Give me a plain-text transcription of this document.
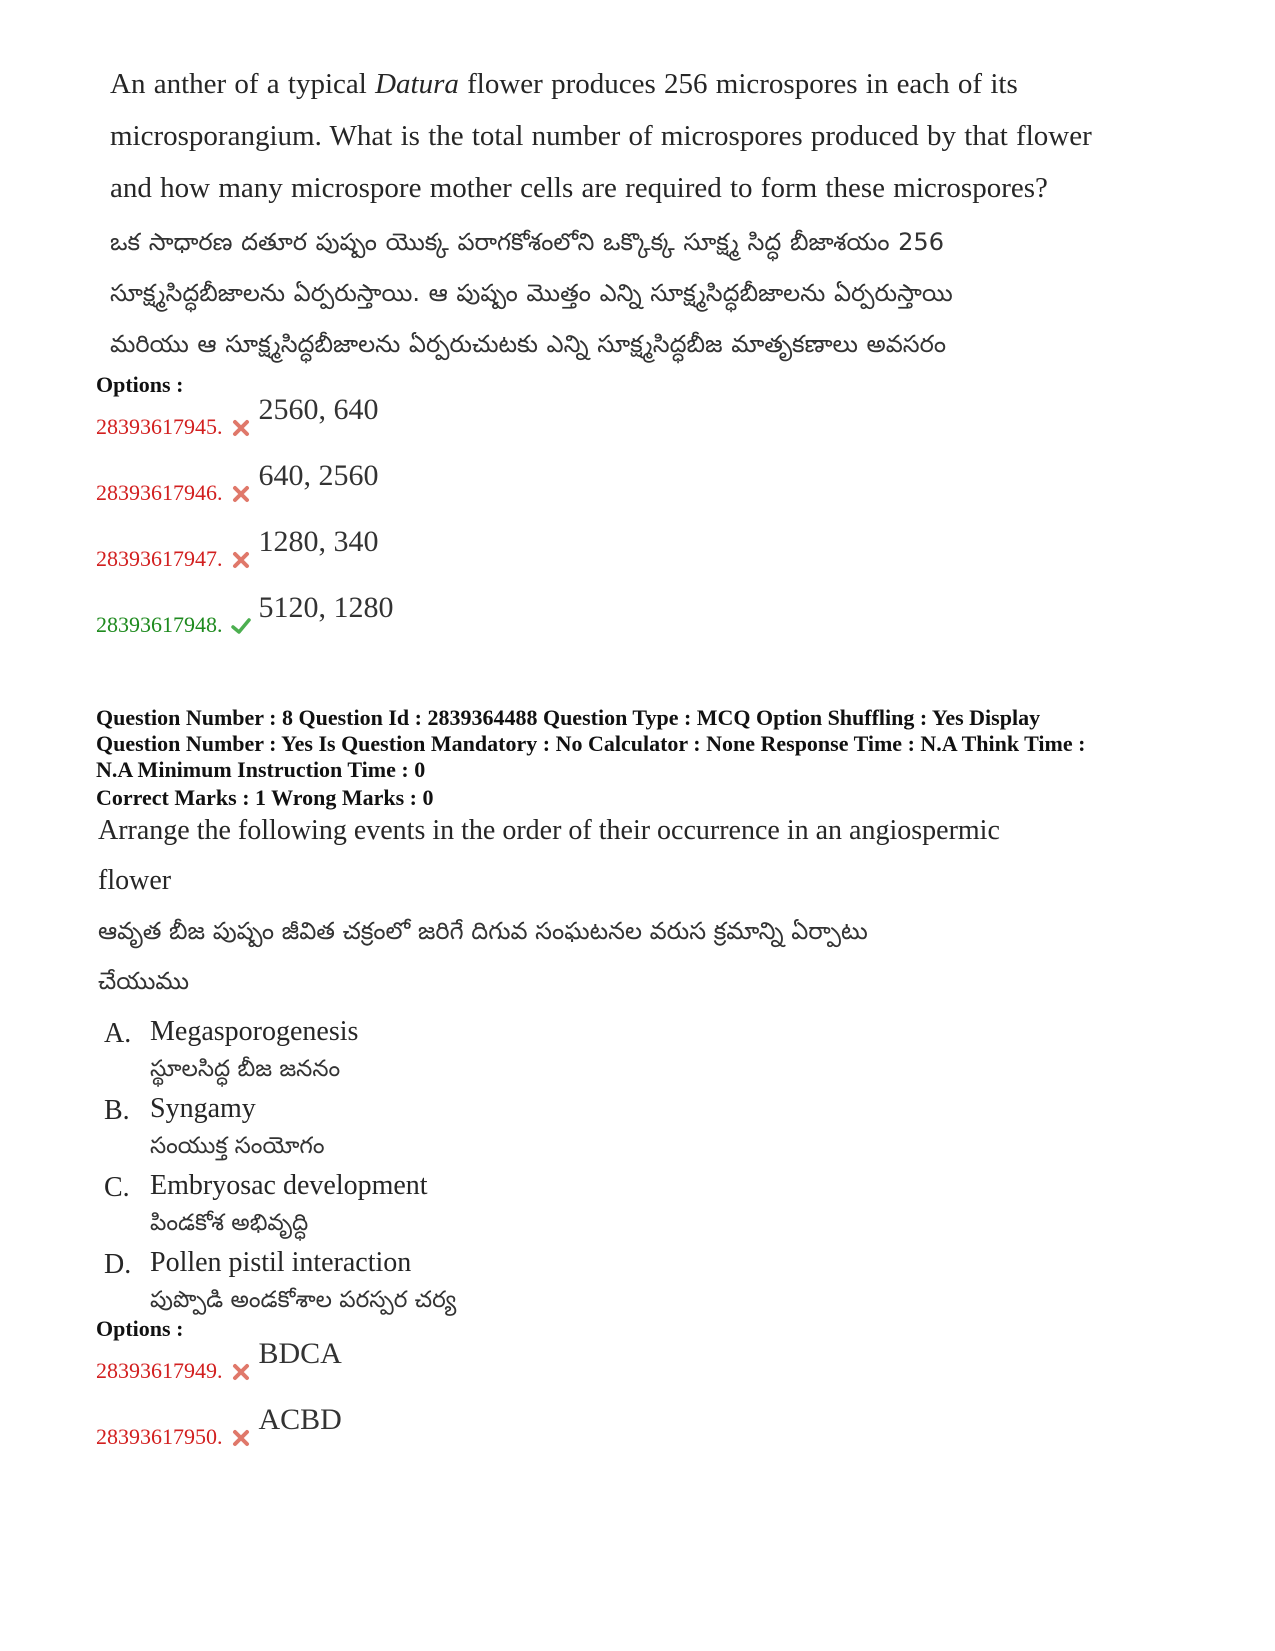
An anther of a typical Datura flower produces 256 microspores in each of its

microsporangium. What is the total number of microspores produced by that flower

and how many microspore mother cells are required to form these microspores?

ఒక సాధారణ దతూర పుష్పం యొక్క పరాగకోశంలోని ఒక్కొక్క సూక్ష్మ సిద్ధ బీజాశయం 256
సూక్ష్మసిద్ధబీజాలను ఏర్పరుస్తాయి. ఆ పుష్పం మొత్తం ఎన్ని సూక్ష్మసిద్ధబీజాలను ఏర్పరుస్తాయి
మరియు ఆ సూక్ష్మసిద్ధబీజాలను ఏర్పరుచుటకు ఎన్ని సూక్ష్మసిద్ధబీజ మాతృకణాలు అవసరం
Options :
28393617945.
2560, 640
28393617946.
640, 2560
28393617947.
1280, 340
28393617948.
5120, 1280
Question Number : 8 Question Id : 2839364488 Question Type : MCQ Option Shuffling : Yes Display
Question Number : Yes Is Question Mandatory : No Calculator : None Response Time : N.A Think Time :
N.A Minimum Instruction Time : 0
Correct Marks : 1 Wrong Marks : 0
Arrange the following events in the order of their occurrence in an angiospermic
flower
ఆవృత బీజ పుష్పం జీవిత చక్రంలో జరిగే దిగువ సంఘటనల వరుస క్రమాన్ని ఏర్పాటు
చేయుము
A. Megasporogenesis
స్థూలసిద్ధ బీజ జననం
B. Syngamy
సంయుక్త సంయోగం
C. Embryosac development
పిండకోశ అభివృద్ధి
D. Pollen pistil interaction
పుప్పొడి అండకోశాల పరస్పర చర్య
Options :
28393617949.
BDCA
28393617950.
ACBD
